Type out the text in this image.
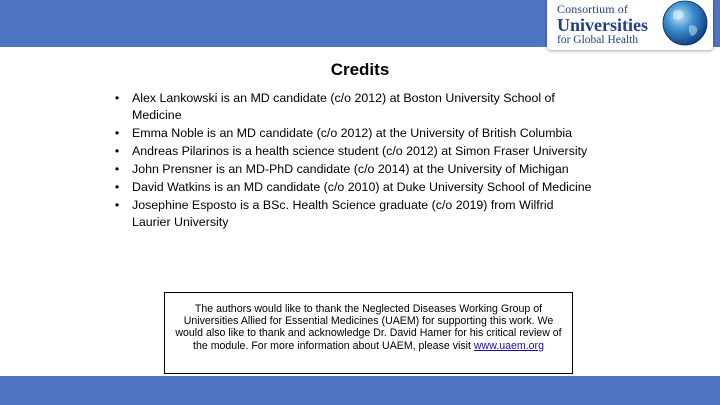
Consortium of
Universities
for Global Health
Credits
• Alex Lankowski is an MD candidate (c/o 2012) at Boston University School of Medicine
• Emma Noble is an MD candidate (c/o 2012) at the University of British Columbia
• Andreas Pilarinos is a health science student (c/o 2012) at Simon Fraser University
• John Prensner is an MD-PhD candidate (c/o 2014) at the University of Michigan
• David Watkins is an MD candidate (c/o 2010) at Duke University School of Medicine
• Josephine Esposto is a BSc. Health Science graduate (c/o 2019) from Wilfrid Laurier University
The authors would like to thank the Neglected Diseases Working Group of Universities Allied for Essential Medicines (UAEM) for supporting this work. We would also like to thank and acknowledge Dr. David Hamer for his critical review of the module. For more information about UAEM, please visit www.uaem.org
